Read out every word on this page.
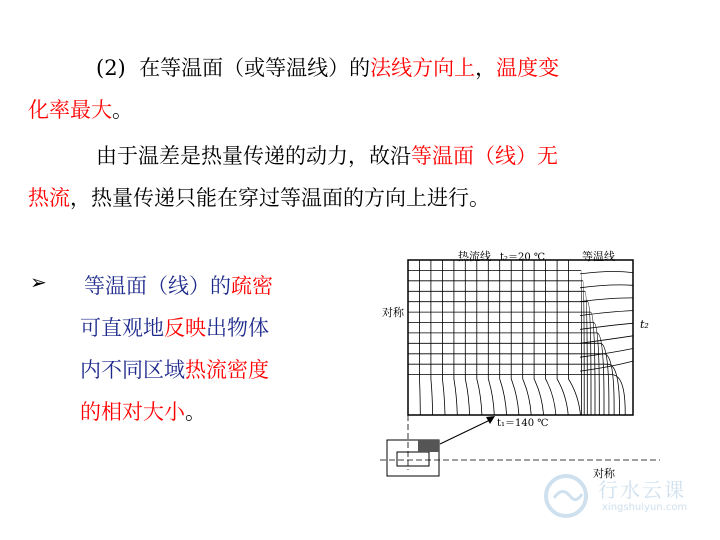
(2) 在等温面（或等温线）的法线方向上，温度变
化率最大。
由于温差是热量传递的动力，故沿等温面（线）无
热流，热量传递只能在穿过等温面的方向上进行。
➢ 等温面（线）的疏密
可直观地反映出物体
内不同区域热流密度
的相对大小。
热流线 t₂＝20 ℃	等温线
对称
t₂
t₁＝140 ℃
对称
行水云课
xingshuiyun.com
